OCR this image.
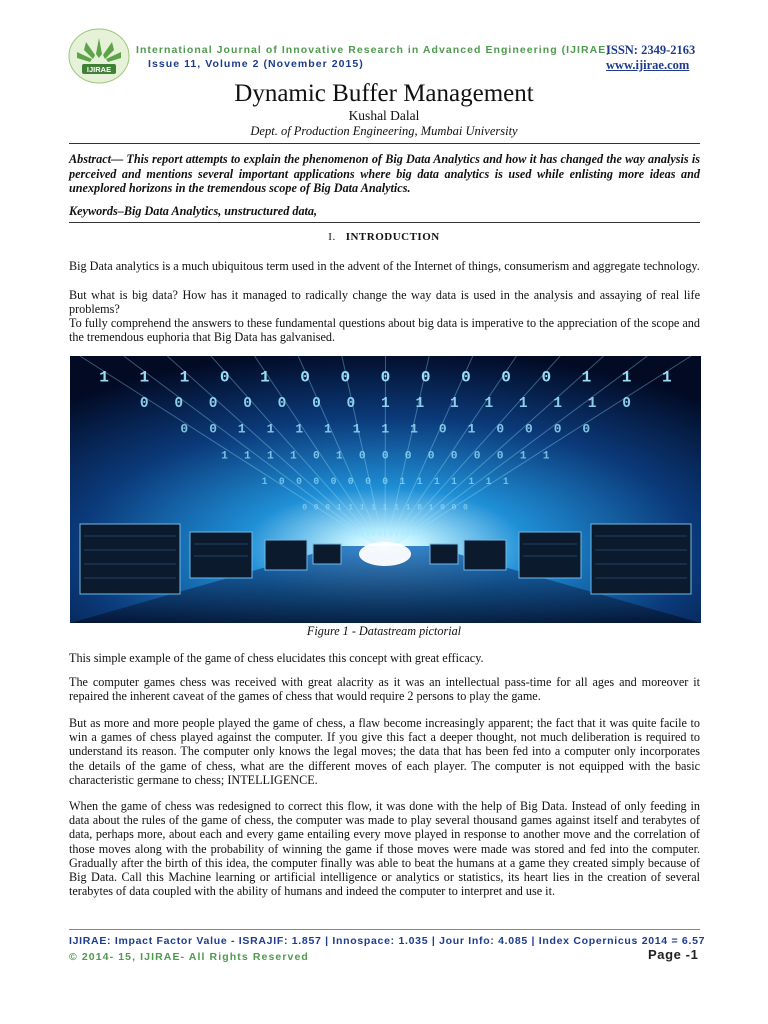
IJIRAE
International Journal of Innovative Research in Advanced Engineering (IJIRAE)
ISSN: 2349-2163
Issue 11, Volume 2 (November 2015)	www.ijirae.com
Dynamic Buffer Management
Kushal Dalal
Dept. of Production Engineering, Mumbai University
Abstract— This report attempts to explain the phenomenon of Big Data Analytics and how it has changed the way analysis is perceived and mentions several important applications where big data analytics is used while enlisting more ideas and unexplored horizons in the tremendous scope of Big Data Analytics.
Keywords–Big Data Analytics, unstructured data,
I. INTRODUCTION
Big Data analytics is a much ubiquitous term used in the advent of the Internet of things, consumerism and aggregate technology.
But what is big data? How has it managed to radically change the way data is used in the analysis and assaying of real life problems?
To fully comprehend the answers to these fundamental questions about big data is imperative to the appreciation of the scope and the tremendous euphoria that Big Data has galvanised.
1
0
1
1
0
0
1
1
0
0
1
0
0
1
1
0
0
1
1
0
1
1
1
0
1
1
0
0
1
1
0
0
1
0
1
0
1
0
1
1
0
0
1
1
0
0
1
0
0
0
1
0
0
1
1
0
0
1
1
0
1
1
0
0
1
1
0
0
1
0
0
0
1
0
1
1
0
0
1
1
0
0
1
0
0
0
1
0
0
1
1
0
0
1
1
0
1
1
1
0
1
1
0
0
1
Figure 1 - Datastream pictorial
This simple example of the game of chess elucidates this concept with great efficacy.
The computer games chess was received with great alacrity as it was an intellectual pass-time for all ages and moreover it repaired the inherent caveat of the games of chess that would require 2 persons to play the game.
But as more and more people played the game of chess, a flaw become increasingly apparent; the fact that it was quite facile to win a games of chess played against the computer. If you give this fact a deeper thought, not much deliberation is required to understand its reason. The computer only knows the legal moves; the data that has been fed into a computer only incorporates the details of the game of chess, what are the different moves of each player. The computer is not equipped with the basic characteristic germane to chess; INTELLIGENCE.
When the game of chess was redesigned to correct this flow, it was done with the help of Big Data. Instead of only feeding in data about the rules of the game of chess, the computer was made to play several thousand games against itself and terabytes of data, perhaps more, about each and every game entailing every move played in response to another move and the correlation of those moves along with the probability of winning the game if those moves were made was stored and fed into the computer. Gradually after the birth of this idea, the computer finally was able to beat the humans at a game they created simply because of Big Data. Call this Machine learning or artificial intelligence or analytics or statistics, its heart lies in the creation of several terabytes of data coupled with the ability of humans and indeed the computer to interpret and use it.
IJIRAE: Impact Factor Value - ISRAJIF: 1.857 | Innospace: 1.035 | Jour Info: 4.085 | Index Copernicus 2014 = 6.57
© 2014- 15, IJIRAE- All Rights Reserved	Page -1
